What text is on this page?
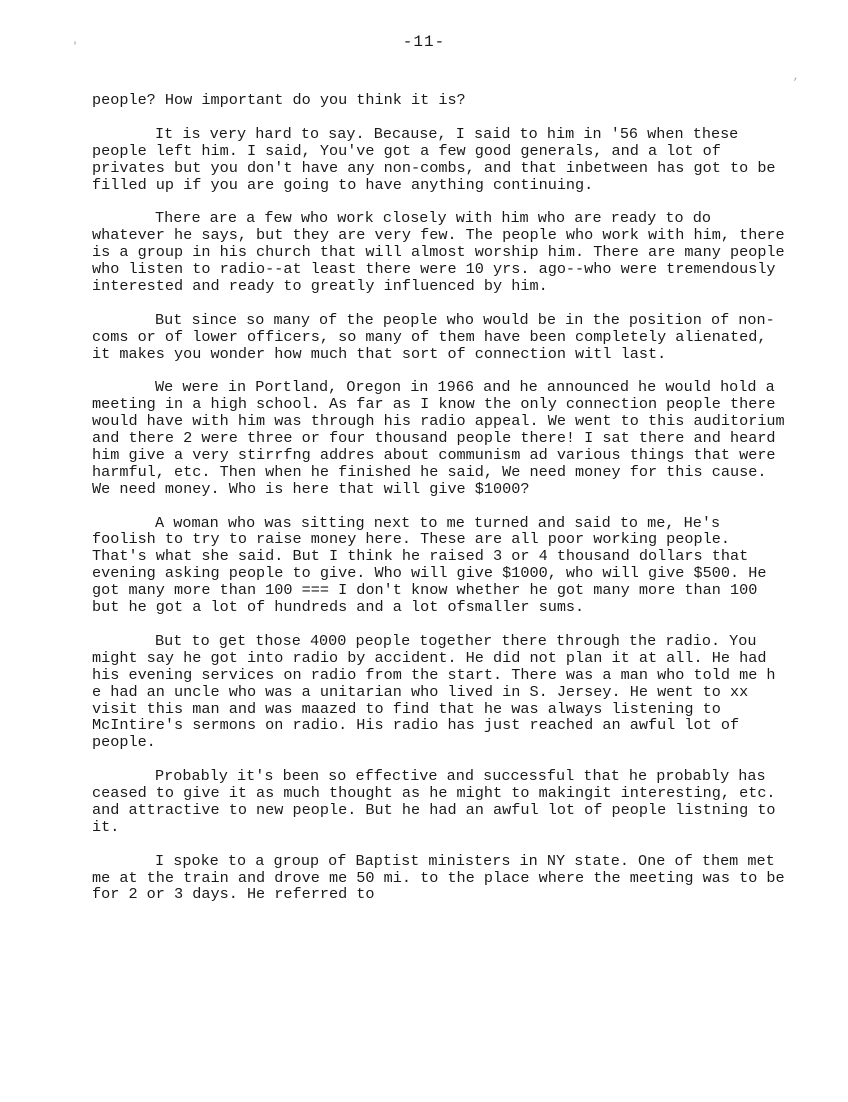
-11-
'
,

people? How important do you think it is?

It is very hard to say. Because, I said to him in '56 when these people left him. I said, You've got a few good generals, and a lot of privates but you don't have any non-combs, and that inbetween has got to be filled up if you are going to have anything continuing.

There are a few who work closely with him who are ready to do whatever he says, but they are very few. The people who work with him, there is a group in his church that will almost worship him. There are many people who listen to radio--at least there were 10 yrs. ago--who were tremendously interested and ready to greatly influenced by him.

But since so many of the people who would be in the position of non-coms or of lower officers, so many of them have been completely alienated, it makes you wonder how much that sort of connection witl last.

We were in Portland, Oregon in 1966 and he announced he would hold a meeting in a high school. As far as I know the only connection people there would have with him was through his radio appeal. We went to this auditorium and there 2 were three or four thousand people there! I sat there and heard him give a very stirrfng addres about communism ad various things that were harmful, etc. Then when he finished he said, We need money for this cause. We need money. Who is here that will give $1000?

A woman who was sitting next to me turned and said to me, He's foolish to try to raise money here. These are all poor working people. That's what she said. But I think he raised 3 or 4 thousand dollars that evening asking people to give. Who will give $1000, who will give $500. He got many more than 100 === I don't know whether he got many more than 100 but he got a lot of hundreds and a lot ofsmaller sums.

But to get those 4000 people together there through the radio. You might say he got into radio by accident. He did not plan it at all. He had his evening services on radio from the start. There was a man who told me h e had an uncle who was a unitarian who lived in S. Jersey. He went to xx visit this man and was maazed to find that he was always listening to McIntire's sermons on radio. His radio has just reached an awful lot of people.

Probably it's been so effective and successful that he probably has ceased to give it as much thought as he might to makingit interesting, etc. and attractive to new people. But he had an awful lot of people listning to it.

I spoke to a group of Baptist ministers in NY state. One of them met me at the train and drove me 50 mi. to the place where the meeting was to be for 2 or 3 days. He referred to
